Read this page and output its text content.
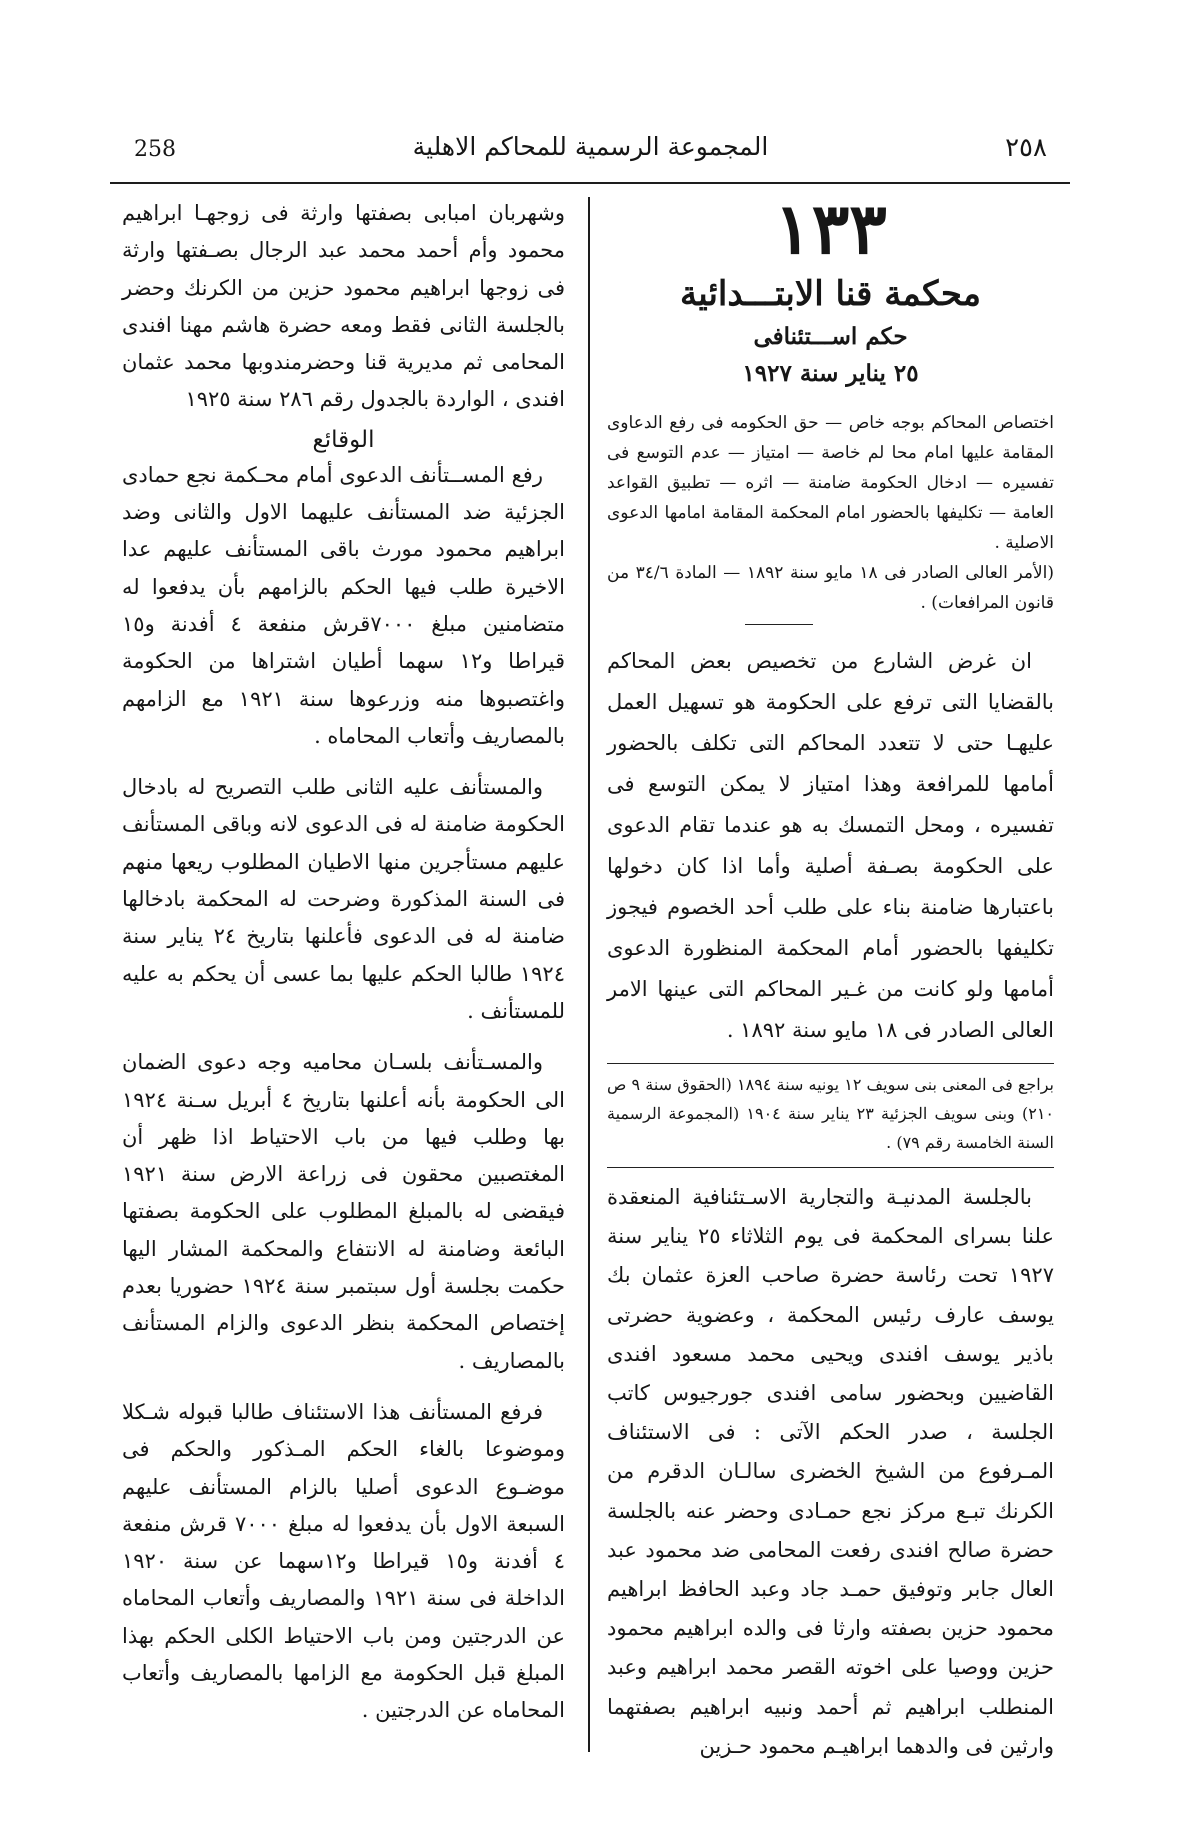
258	المجموعة الرسمية للمحاكم الاهلية	٢٥٨
١٣٣
محكمة قنا الابتـــدائية
حكم اســـتئنافى
٢٥ يناير سنة ١٩٢٧

اختصاص المحاكم بوجه خاص — حق الحكومه فى رفع الدعاوى المقامة عليها امام محا لم خاصة — امتياز — عدم التوسع فى تفسيره — ادخال الحكومة ضامنة — اثره — تطبيق القواعد العامة — تكليفها بالحضور امام المحكمة المقامة امامها الدعوى الاصلية .

(الأمر العالى الصادر فى ١٨ مايو سنة ١٨٩٢ — المادة ٣٤/٦ من قانون المرافعات) .

ان غرض الشارع من تخصيص بعض المحاكم بالقضايا التى ترفع على الحكومة هو تسهيل العمل عليهـا حتى لا تتعدد المحاكم التى تكلف بالحضور أمامها للمرافعة وهذا امتياز لا يمكن التوسع فى تفسيره ، ومحل التمسك به هو عندما تقام الدعوى على الحكومة بصـفة أصلية وأما اذا كان دخولها باعتبارها ضامنة بناء على طلب أحد الخصوم فيجوز تكليفها بالحضور أمام المحكمة المنظورة الدعوى أمامها ولو كانت من غـير المحاكم التى عينها الامر العالى الصادر فى ١٨ مايو سنة ١٨٩٢ .

براجع فى المعنى بنى سويف ١٢ يونيه سنة ١٨٩٤ (الحقوق سنة ٩ ص ٢١٠) وبنى سويف الجزئية ٢٣ يناير سنة ١٩٠٤ (المجموعة الرسمية السنة الخامسة رقم ٧٩) .

بالجلسة المدنيـة والتجارية الاسـتئنافية المنعقدة علنا بسراى المحكمة فى يوم الثلاثاء ٢٥ يناير سنة ١٩٢٧ تحت رئاسة حضرة صاحب العزة عثمان بك يوسف عارف رئيس المحكمة ، وعضوية حضرتى باذير يوسف افندى ويحيى محمد مسعود افندى القاضيين وبحضور سامى افندى جورجيوس كاتب الجلسة ، صدر الحكم الآتى : فى الاستئناف المـرفوع من الشيخ الخضرى سالـان الدقرم من الكرنك تبـع مركز نجع حمـادى وحضر عنه بالجلسة حضرة صالح افندى رفعت المحامى ضد محمود عبد العال جابر وتوفيق حمـد جاد وعبد الحافظ ابراهيم محمود حزين بصفته وارثا فى والده ابراهيم محمود حزين ووصيا على اخوته القصر محمد ابراهيم وعبد المنطلب ابراهيم ثم أحمد ونبيه ابراهيم بصفتهما وارثين فى والدهما ابراهيـم محمود حـزين

وشهربان امبابى بصفتها وارثة فى زوجهـا ابراهيم محمود وأم أحمد محمد عبد الرجال بصـفتها وارثة فى زوجها ابراهيم محمود حزين من الكرنك وحضر بالجلسة الثانى فقط ومعه حضرة هاشم مهنا افندى المحامى ثم مديرية قنا وحضرمندوبها محمد عثمان افندى ، الواردة بالجدول رقم ٢٨٦ سنة ١٩٢٥

الوقائع

رفع المســتأنف الدعوى أمام محـكمة نجع حمادى الجزئية ضد المستأنف عليهما الاول والثانى وضد ابراهيم محمود مورث باقى المستأنف عليهم عدا الاخيرة طلب فيها الحكم بالزامهم بأن يدفعوا له متضامنين مبلغ ٧٠٠٠قرش منفعة ٤ أفدنة و١٥ قيراطا و١٢ سهما أطيان اشتراها من الحكومة واغتصبوها منه وزرعوها سنة ١٩٢١ مع الزامهم بالمصاريف وأتعاب المحاماه .

والمستأنف عليه الثانى طلب التصريح له بادخال الحكومة ضامنة له فى الدعوى لانه وباقى المستأنف عليهم مستأجرين منها الاطيان المطلوب ريعها منهم فى السنة المذكورة وضرحت له المحكمة بادخالها ضامنة له فى الدعوى فأعلنها بتاريخ ٢٤ يناير سنة ١٩٢٤ طالبا الحكم عليها بما عسى أن يحكم به عليه للمستأنف .

والمسـتأنف بلسـان محاميه وجه دعوى الضمان الى الحكومة بأنه أعلنها بتاريخ ٤ أبريل سـنة ١٩٢٤ بها وطلب فيها من باب الاحتياط اذا ظهر أن المغتصبين محقون فى زراعة الارض سنة ١٩٢١ فيقضى له بالمبلغ المطلوب على الحكومة بصفتها البائعة وضامنة له الانتفاع والمحكمة المشار اليها حكمت بجلسة أول سبتمبر سنة ١٩٢٤ حضوريا بعدم إختصاص المحكمة بنظر الدعوى والزام المستأنف بالمصاريف .

فرفع المستأنف هذا الاستئناف طالبا قبوله شـكلا وموضوعا بالغاء الحكم المـذكور والحكم فى موضـوع الدعوى أصليا بالزام المستأنف عليهم السبعة الاول بأن يدفعوا له مبلغ ٧٠٠٠ قرش منفعة ٤ أفدنة و١٥ قيراطا و١٢سهما عن سنة ١٩٢٠ الداخلة فى سنة ١٩٢١ والمصاريف وأتعاب المحاماه عن الدرجتين ومن باب الاحتياط الكلى الحكم بهذا المبلغ قبل الحكومة مع الزامها بالمصاريف وأتعاب المحاماه عن الدرجتين .
